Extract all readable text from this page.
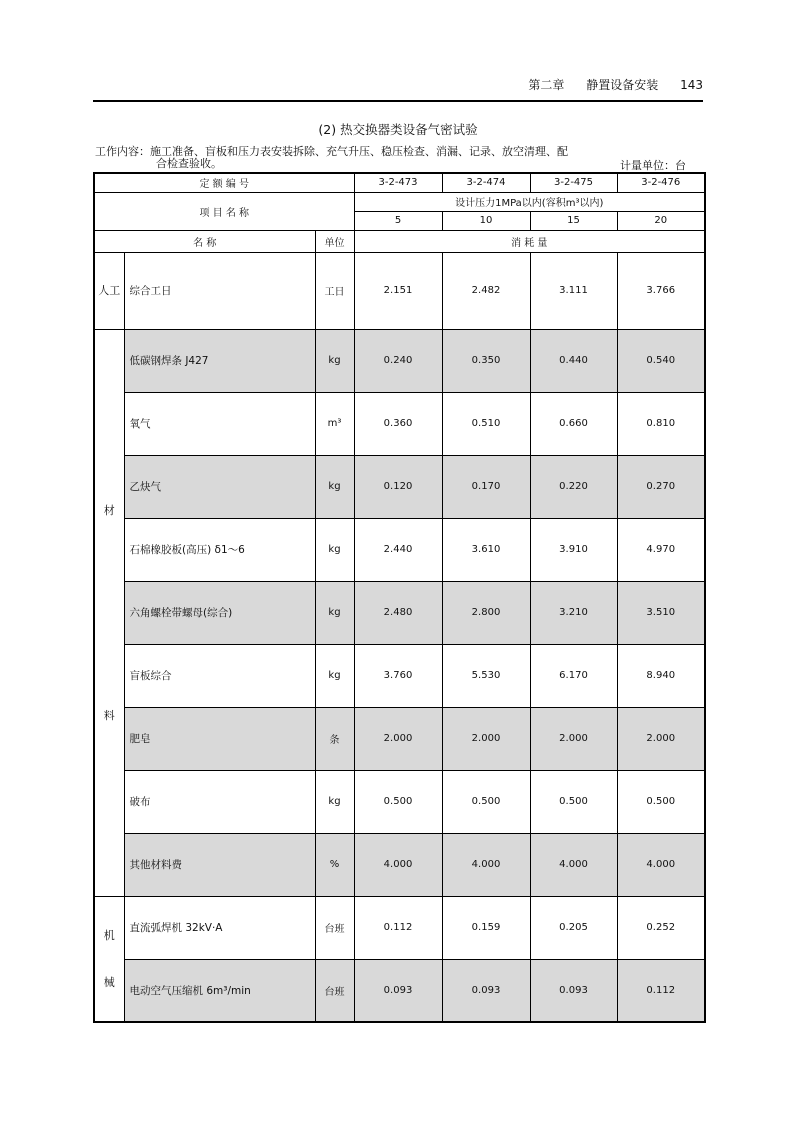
第二章 静置设备安装 143
(2) 热交换器类设备气密试验
工作内容：施工准备、盲板和压力表安装拆除、充气升压、稳压检查、消漏、记录、放空清理、配
合检查验收。	计量单位：台
定 额 编 号			3-2-473	3-2-474	3-2-475	3-2-476
项 目 名 称			设计压力1MPa以内(容积m³以内)			
			5	10	15	20
名 称		单位	消 耗 量			
人工	综合工日	工日	2.151	2.482	3.111	3.766

材
料	低碳钢焊条 J427	kg	0.240	0.350	0.440	0.540
	氧气	m³	0.360	0.510	0.660	0.810
	乙炔气	kg	0.120	0.170	0.220	0.270
	石棉橡胶板(高压) δ1～6	kg	2.440	3.610	3.910	4.970
	六角螺栓带螺母(综合)	kg	2.480	2.800	3.210	3.510
	盲板综合	kg	3.760	5.530	6.170	8.940
	肥皂	条	2.000	2.000	2.000	2.000
	破布	kg	0.500	0.500	0.500	0.500
	其他材料费	%	4.000	4.000	4.000	4.000

机
械	直流弧焊机 32kV·A	台班	0.112	0.159	0.205	0.252
	电动空气压缩机 6m³/min	台班	0.093	0.093	0.093	0.112
